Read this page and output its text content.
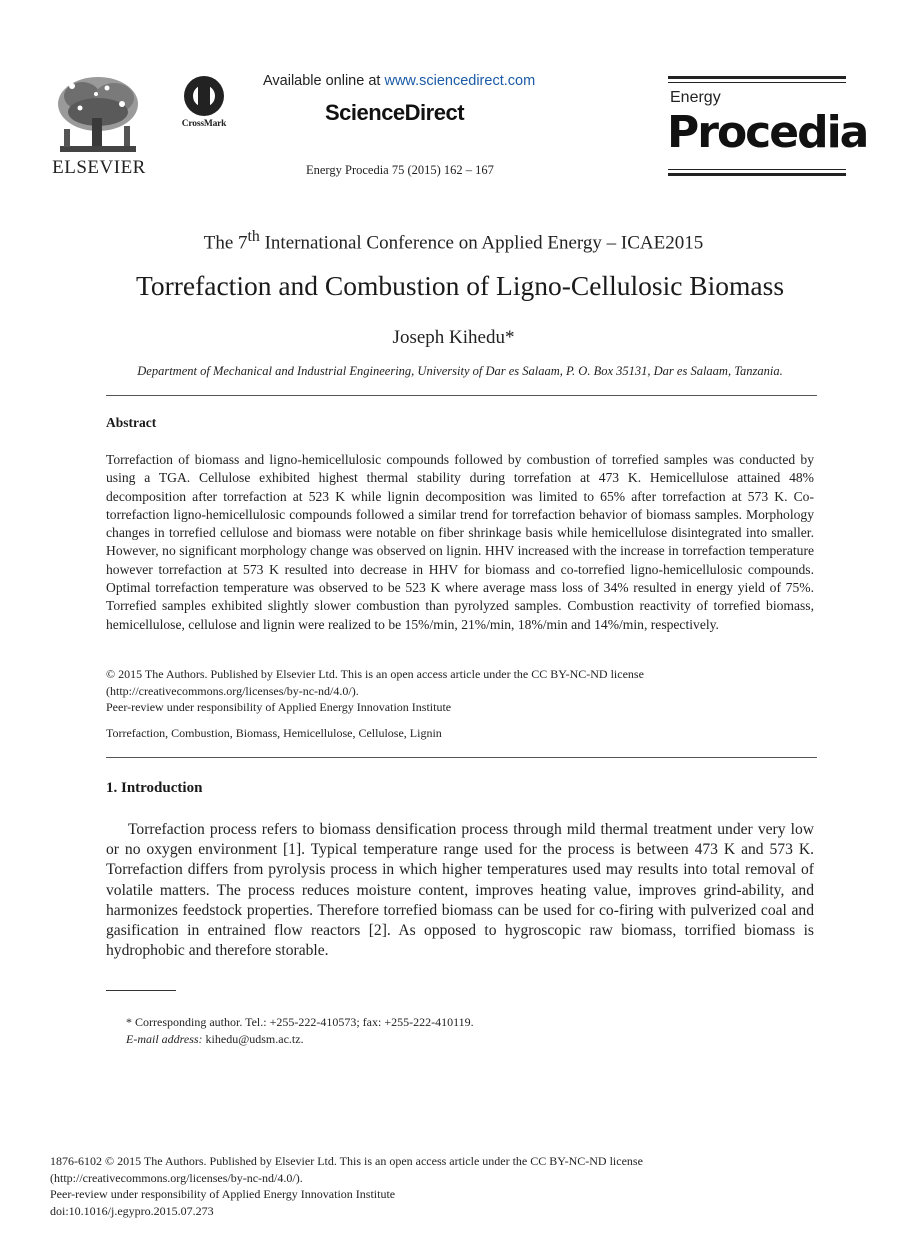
ELSEVIER
CrossMark
Available online at www.sciencedirect.com
ScienceDirect
Energy Procedia 75 (2015) 162 – 167
Energy
Procedia
The 7th International Conference on Applied Energy – ICAE2015
Torrefaction and Combustion of Ligno-Cellulosic Biomass
Joseph Kihedu*
Department of Mechanical and Industrial Engineering, University of Dar es Salaam, P. O. Box 35131, Dar es Salaam, Tanzania.
Abstract
Torrefaction of biomass and ligno-hemicellulosic compounds followed by combustion of torrefied samples was conducted by using a TGA. Cellulose exhibited highest thermal stability during torrefation at 473 K. Hemicellulose attained 48% decomposition after torrefaction at 523 K while lignin decomposition was limited to 65% after torrefaction at 573 K. Co-torrefaction ligno-hemicellulosic compounds followed a similar trend for torrefaction behavior of biomass samples. Morphology changes in torrefied cellulose and biomass were notable on fiber shrinkage basis while hemicellulose disintegrated into smaller. However, no significant morphology change was observed on lignin. HHV increased with the increase in torrefaction temperature however torrefaction at 573 K resulted into decrease in HHV for biomass and co-torrefied ligno-hemicellulosic compounds. Optimal torrefaction temperature was observed to be 523 K where average mass loss of 34% resulted in energy yield of 75%. Torrefied samples exhibited slightly slower combustion than pyrolyzed samples. Combustion reactivity of torrefied biomass, hemicellulose, cellulose and lignin were realized to be 15%/min, 21%/min, 18%/min and 14%/min, respectively.
© 2015 The Authors. Published by Elsevier Ltd. This is an open access article under the CC BY-NC-ND license
(http://creativecommons.org/licenses/by-nc-nd/4.0/).
Peer-review under responsibility of Applied Energy Innovation Institute
Torrefaction, Combustion, Biomass, Hemicellulose, Cellulose, Lignin
1. Introduction
Torrefaction process refers to biomass densification process through mild thermal treatment under very low or no oxygen environment [1]. Typical temperature range used for the process is between 473 K and 573 K. Torrefaction differs from pyrolysis process in which higher temperatures used may results into total removal of volatile matters. The process reduces moisture content, improves heating value, improves grind-ability, and harmonizes feedstock properties. Therefore torrefied biomass can be used for co-firing with pulverized coal and gasification in entrained flow reactors [2]. As opposed to hygroscopic raw biomass, torrified biomass is hydrophobic and therefore storable.
* Corresponding author. Tel.: +255-222-410573; fax: +255-222-410119.
E-mail address: kihedu@udsm.ac.tz.
1876-6102 © 2015 The Authors. Published by Elsevier Ltd. This is an open access article under the CC BY-NC-ND license
(http://creativecommons.org/licenses/by-nc-nd/4.0/).
Peer-review under responsibility of Applied Energy Innovation Institute
doi:10.1016/j.egypro.2015.07.273
